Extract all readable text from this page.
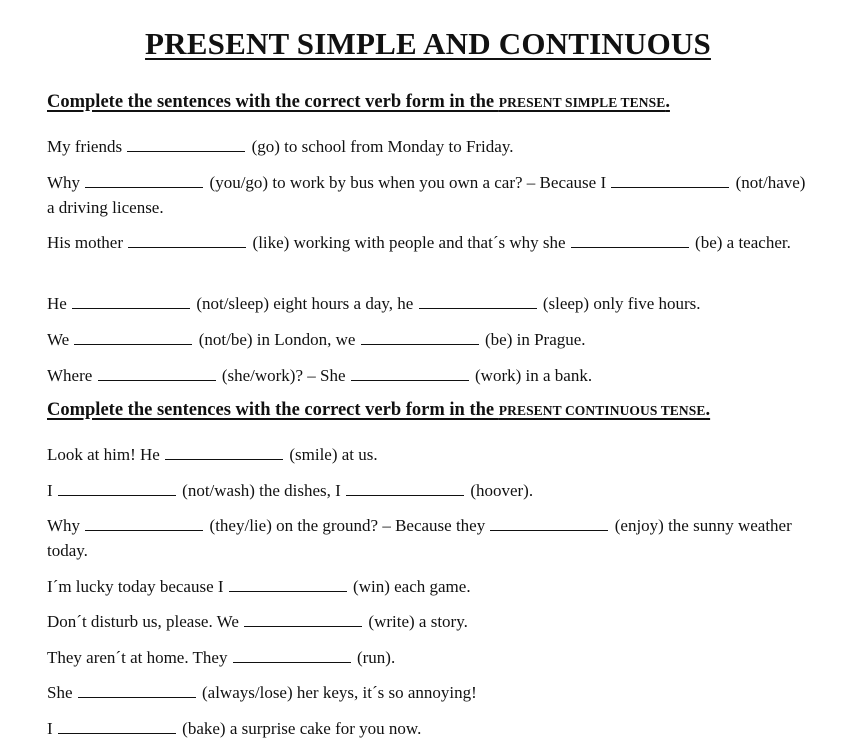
PRESENT SIMPLE AND CONTINUOUS
Complete the sentences with the correct verb form in the PRESENT SIMPLE TENSE.
My friends	(go) to school from Monday to Friday.
Why	(you/go) to work by bus when you own a car? – Because I	(not/have) a driving license.
His mother	(like) working with people and that´s why she	(be) a teacher.
He	(not/sleep) eight hours a day, he	(sleep) only five hours.
We	(not/be) in London, we	(be) in Prague.
Where	(she/work)? – She	(work) in a bank.
Complete the sentences with the correct verb form in the PRESENT CONTINUOUS TENSE.
Look at him! He	(smile) at us.
I	(not/wash) the dishes, I	(hoover).
Why	(they/lie) on the ground? – Because they	(enjoy) the sunny weather today.
I´m lucky today because I	(win) each game.
Don´t disturb us, please. We	(write) a story.
They aren´t at home. They	(run).
She	(always/lose) her keys, it´s so annoying!
I	(bake) a surprise cake for you now.
